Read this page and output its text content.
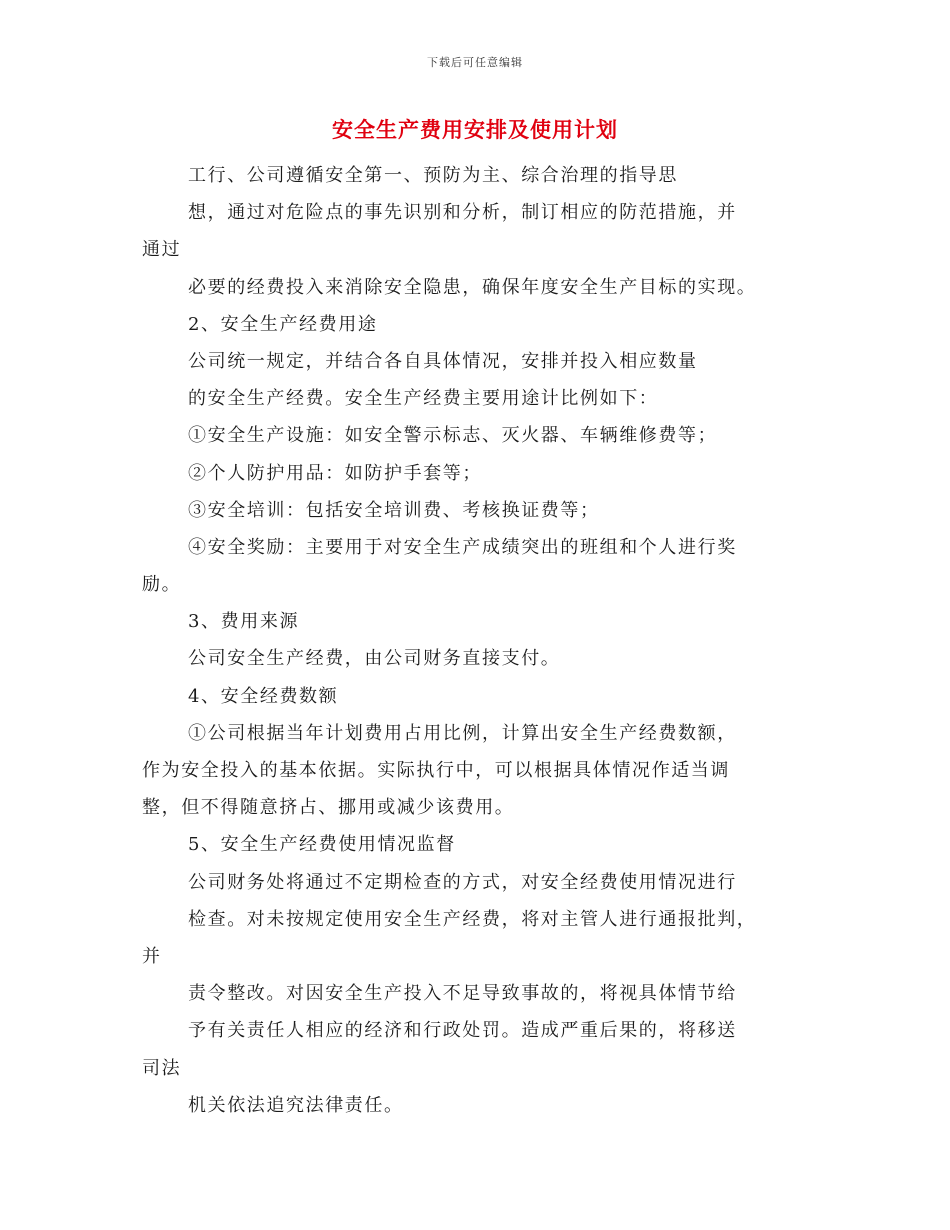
下载后可任意编辑
安全生产费用安排及使用计划
工行、公司遵循安全第一、预防为主、综合治理的指导思
想，通过对危险点的事先识别和分析，制订相应的防范措施，并
通过
必要的经费投入来消除安全隐患，确保年度安全生产目标的实现。
2、安全生产经费用途
公司统一规定，并结合各自具体情况，安排并投入相应数量
的安全生产经费。安全生产经费主要用途计比例如下：
①安全生产设施：如安全警示标志、灭火器、车辆维修费等；
②个人防护用品：如防护手套等；
③安全培训：包括安全培训费、考核换证费等；
④安全奖励：主要用于对安全生产成绩突出的班组和个人进行奖
励。
3、费用来源
公司安全生产经费，由公司财务直接支付。
4、安全经费数额
①公司根据当年计划费用占用比例，计算出安全生产经费数额，
作为安全投入的基本依据。实际执行中，可以根据具体情况作适当调
整，但不得随意挤占、挪用或减少该费用。
5、安全生产经费使用情况监督
公司财务处将通过不定期检查的方式，对安全经费使用情况进行
检查。对未按规定使用安全生产经费，将对主管人进行通报批判，
并
责令整改。对因安全生产投入不足导致事故的，将视具体情节给
予有关责任人相应的经济和行政处罚。造成严重后果的，将移送
司法
机关依法追究法律责任。
